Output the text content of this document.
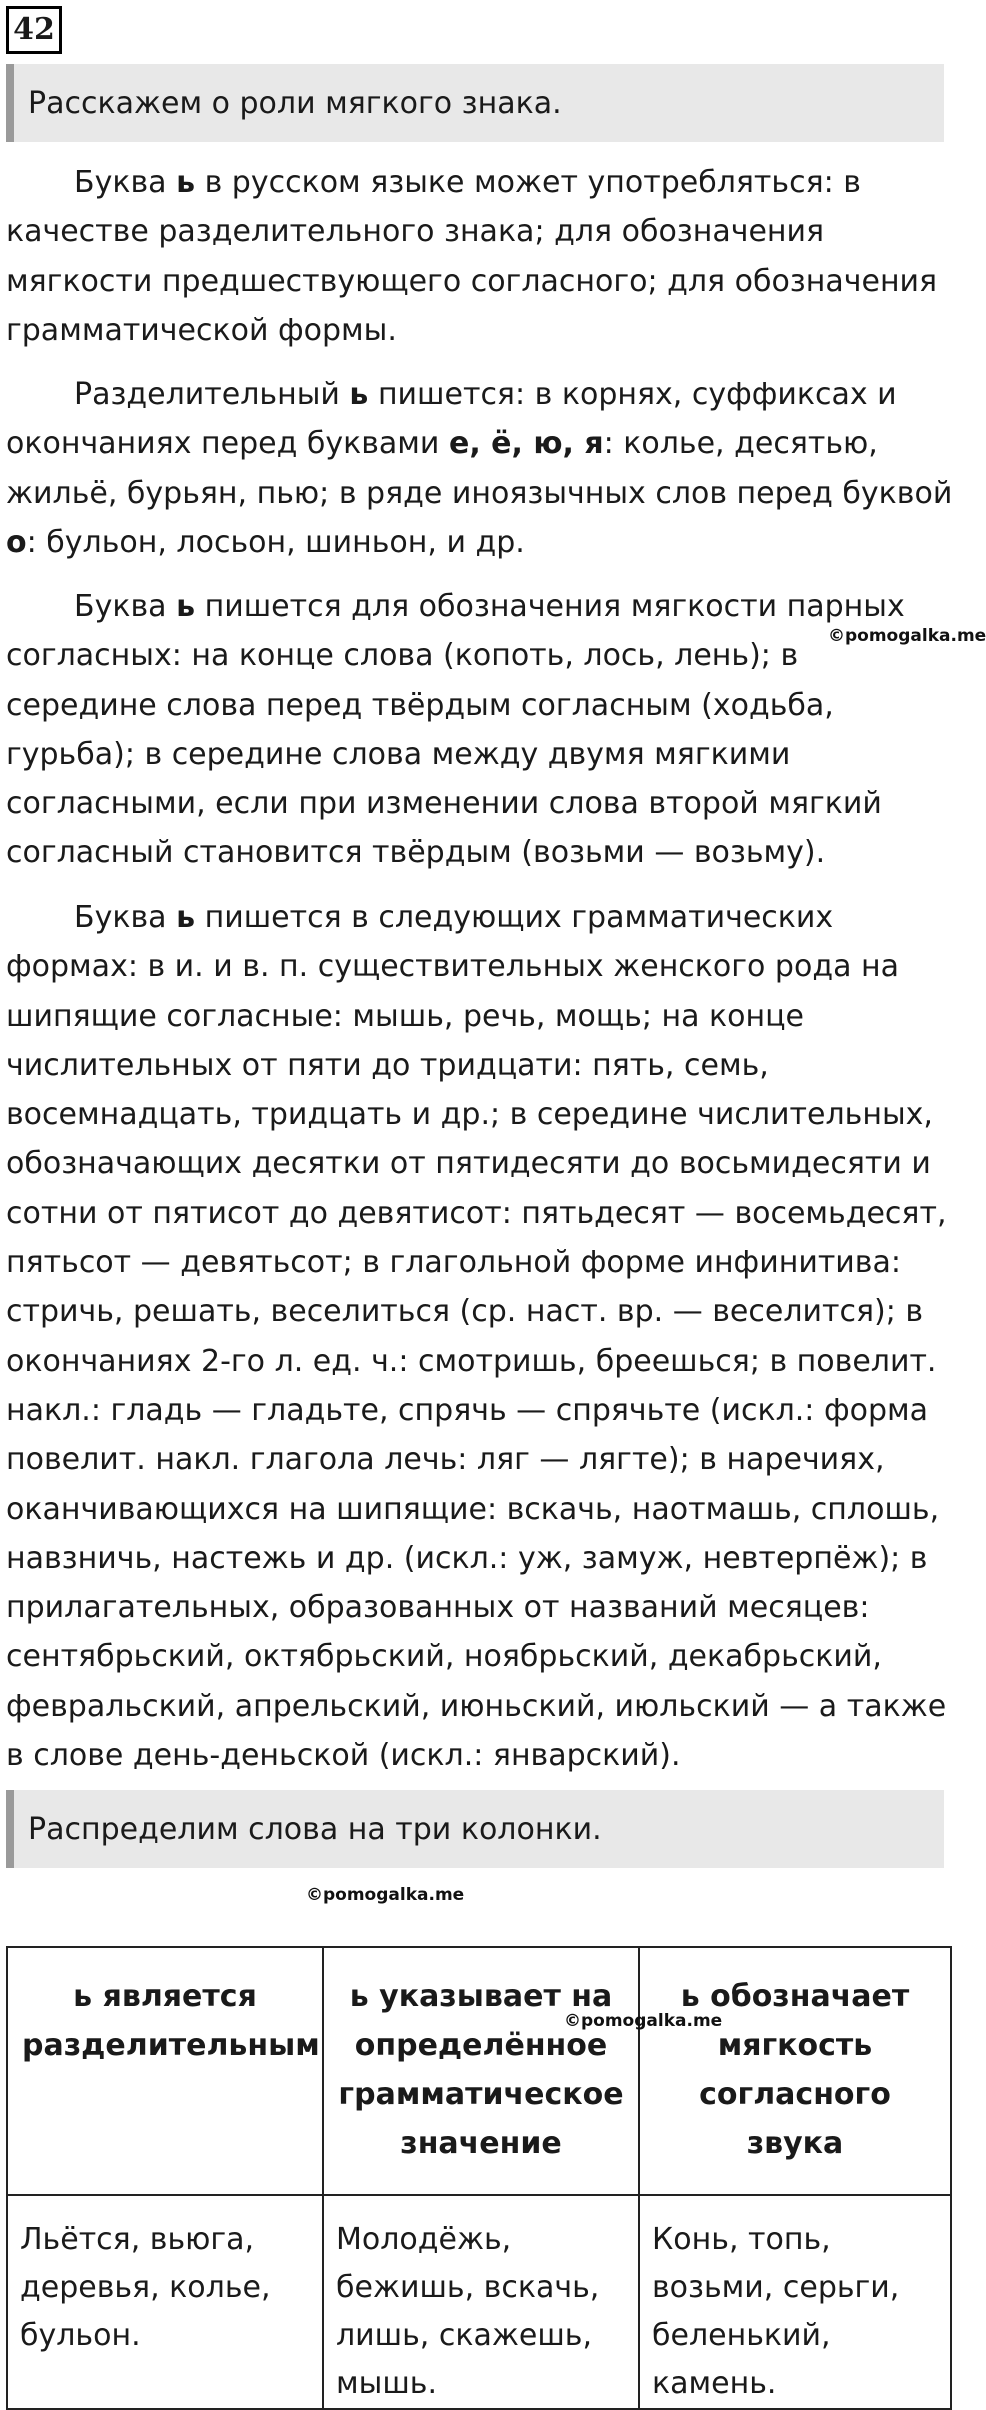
42
Расскажем о роли мягкого знака.

Буква ь в русском языке может употребляться: в качестве разделительного знака; для обозначения мягкости предшествующего согласного; для обозначения грамматической формы.

Разделительный ь пишется: в корнях, суффиксах и окончаниях перед буквами е, ё, ю, я: колье, десятью, жильё, бурьян, пью; в ряде иноязычных слов перед буквой о: бульон, лосьон, шиньон, и др.

Буква ь пишется для обозначения мягкости парных согласных: на конце слова (копоть, лось, лень); в середине слова перед твёрдым согласным (ходьба, гурьба); в середине слова между двумя мягкими согласными, если при изменении слова второй мягкий согласный становится твёрдым (возьми — возьму).

Буква ь пишется в следующих грамматических формах: в и. и в. п. существительных женского рода на шипящие согласные: мышь, речь, мощь; на конце числительных от пяти до тридцати: пять, семь, восемнадцать, тридцать и др.; в середине числительных, обозначающих десятки от пятидесяти до восьмидесяти и сотни от пятисот до девятисот: пятьдесят — восемьдесят, пятьсот — девятьсот; в глагольной форме инфинитива: стричь, решать, веселиться (ср. наст. вр. — веселится); в окончаниях 2-го л. ед. ч.: смотришь, бреешься; в повелит. накл.: гладь — гладьте, спрячь — спрячьте (искл.: форма повелит. накл. глагола лечь: ляг — лягте); в наречиях, оканчивающихся на шипящие: вскачь, наотмашь, сплошь, навзничь, настежь и др. (искл.: уж, замуж, невтерпёж); в прилагательных, образованных от названий месяцев: сентябрьский, октябрьский, ноябрьский, декабрьский, февральский, апрельский, июньский, июльский — а также в слове день-деньской (искл.: январский).

©pomogalka.me
Распределим слова на три колонки.
©pomogalka.me
ь является разделительным	ь указывает на определённое грамматическое значение	ь обозначает мягкость согласного звука
Льётся, вьюга, деревья, колье, бульон.	Молодёжь, бежишь, вскачь, лишь, скажешь, мышь.	Конь, топь, возьми, серьги, беленький, камень.
©pomogalka.me
